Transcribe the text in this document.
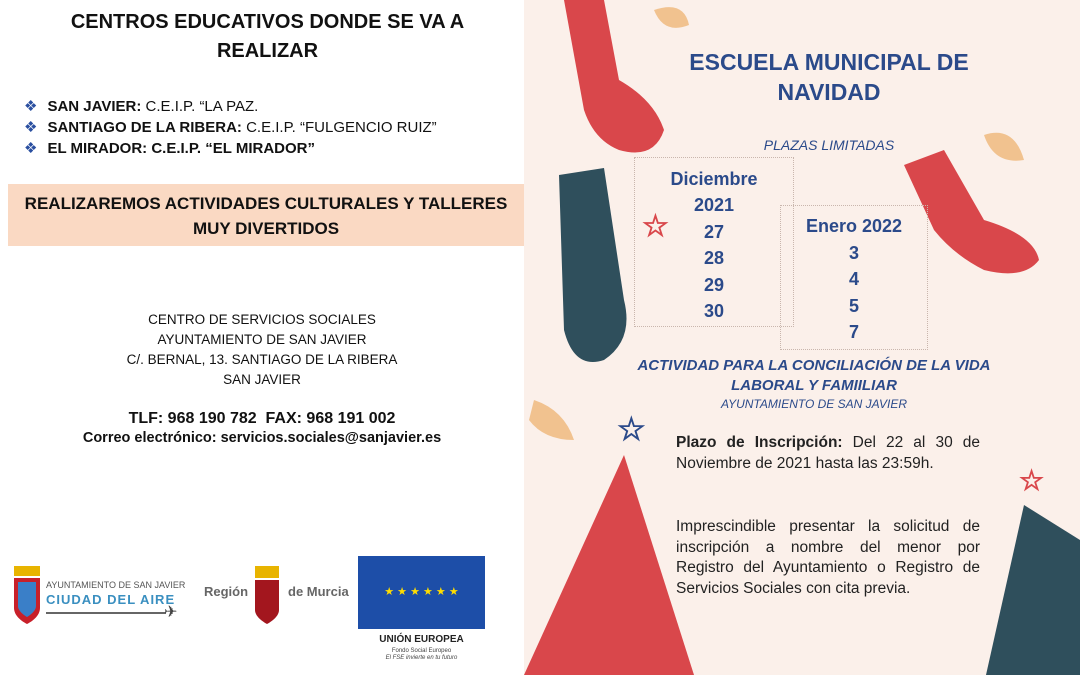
CENTROS EDUCATIVOS DONDE SE VA A REALIZAR
❖ SAN JAVIER: C.E.I.P. “LA PAZ.
❖ SANTIAGO DE LA RIBERA: C.E.I.P. “FULGENCIO RUIZ”
❖ EL MIRADOR: C.E.I.P. “EL MIRADOR”
REALIZAREMOS ACTIVIDADES CULTURALES Y TALLERES MUY DIVERTIDOS
CENTRO DE SERVICIOS SOCIALES
AYUNTAMIENTO DE SAN JAVIER
C/. BERNAL, 13. SANTIAGO DE LA RIBERA
SAN JAVIER
TLF: 968 190 782  FAX: 968 191 002
Correo electrónico: servicios.sociales@sanjavier.es
AYUNTAMIENTO DE SAN JAVIER
CIUDAD DEL AIRE
✈
Región	de Murcia	★ ★ ★ ★ ★ ★
UNIÓN EUROPEA
Fondo Social Europeo
El FSE invierte en tu futuro
☆
☆
☆
ESCUELA MUNICIPAL DE NAVIDAD
PLAZAS LIMITADAS
Diciembre
2021
27
28
29
30
Enero 2022
3
4
5
7
ACTIVIDAD PARA LA CONCILIACIÓN DE LA VIDA LABORAL Y FAMIILIAR
AYUNTAMIENTO DE SAN JAVIER
Plazo de Inscripción: Del 22 al 30 de Noviembre de 2021 hasta las 23:59h.
Imprescindible presentar la solicitud de inscripción a nombre del menor por Registro del Ayuntamiento o Registro de Servicios Sociales con cita previa.
